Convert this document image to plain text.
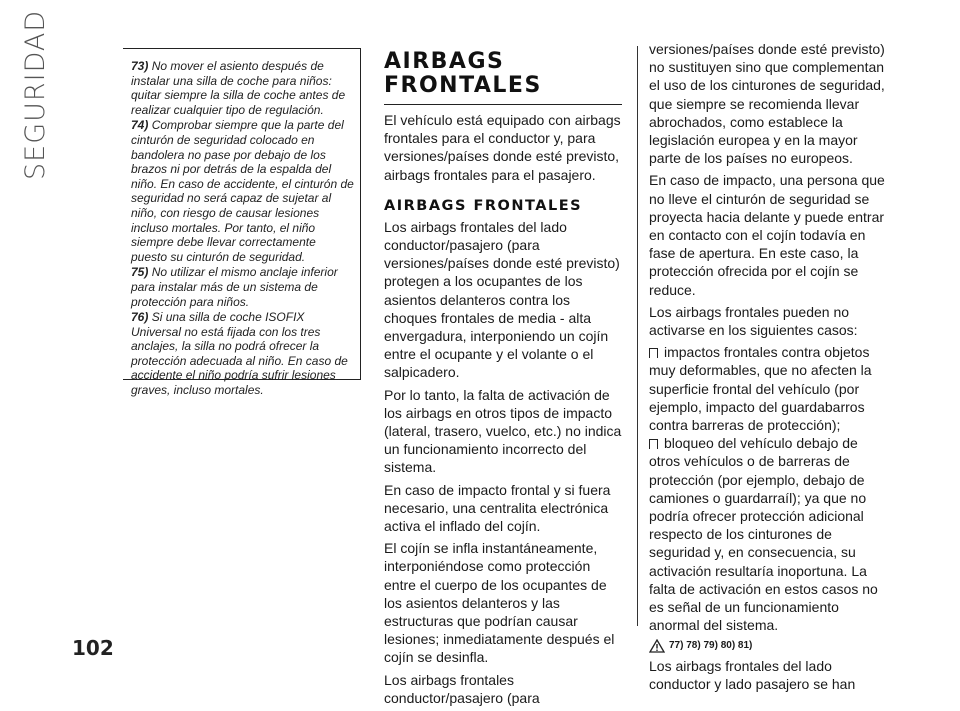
SEGURIDAD	73) No mover el asiento después de instalar una silla de coche para niños: quitar siempre la silla de coche antes de realizar cualquier tipo de regulación.

74) Comprobar siempre que la parte del cinturón de seguridad colocado en bandolera no pase por debajo de los brazos ni por detrás de la espalda del niño. En caso de accidente, el cinturón de seguridad no será capaz de sujetar al niño, con riesgo de causar lesiones incluso mortales. Por tanto, el niño siempre debe llevar correctamente puesto su cinturón de seguridad.

75) No utilizar el mismo anclaje inferior para instalar más de un sistema de protección para niños.

76) Si una silla de coche ISOFIX Universal no está fijada con los tres anclajes, la silla no podrá ofrecer la protección adecuada al niño. En caso de accidente el niño podría sufrir lesiones graves, incluso mortales.

AIRBAGS FRONTALES

El vehículo está equipado con airbags frontales para el conductor y, para versiones/países donde esté previsto, airbags frontales para el pasajero.

AIRBAGS FRONTALES

Los airbags frontales del lado conductor/pasajero (para versiones/países donde esté previsto) protegen a los ocupantes de los asientos delanteros contra los choques frontales de media - alta envergadura, interponiendo un cojín entre el ocupante y el volante o el salpicadero.

Por lo tanto, la falta de activación de los airbags en otros tipos de impacto (lateral, trasero, vuelco, etc.) no indica un funcionamiento incorrecto del sistema.

En caso de impacto frontal y si fuera necesario, una centralita electrónica activa el inflado del cojín.

El cojín se infla instantáneamente, interponiéndose como protección entre el cuerpo de los ocupantes de los asientos delanteros y las estructuras que podrían causar lesiones; inmediatamente después el cojín se desinfla.

Los airbags frontales conductor/pasajero (para

versiones/países donde esté previsto) no sustituyen sino que complementan el uso de los cinturones de seguridad, que siempre se recomienda llevar abrochados, como establece la legislación europea y en la mayor parte de los países no europeos.

En caso de impacto, una persona que no lleve el cinturón de seguridad se proyecta hacia delante y puede entrar en contacto con el cojín todavía en fase de apertura. En este caso, la protección ofrecida por el cojín se reduce.

Los airbags frontales pueden no activarse en los siguientes casos:

impactos frontales contra objetos muy deformables, que no afecten la superficie frontal del vehículo (por ejemplo, impacto del guardabarros contra barreras de protección);

bloqueo del vehículo debajo de otros vehículos o de barreras de protección (por ejemplo, debajo de camiones o guardarraíl); ya que no podría ofrecer protección adicional respecto de los cinturones de seguridad y, en consecuencia, su activación resultaría inoportuna. La falta de activación en estos casos no es señal de un funcionamiento anormal del sistema.

77) 78) 79) 80) 81)

Los airbags frontales del lado conductor y lado pasajero se han

102
